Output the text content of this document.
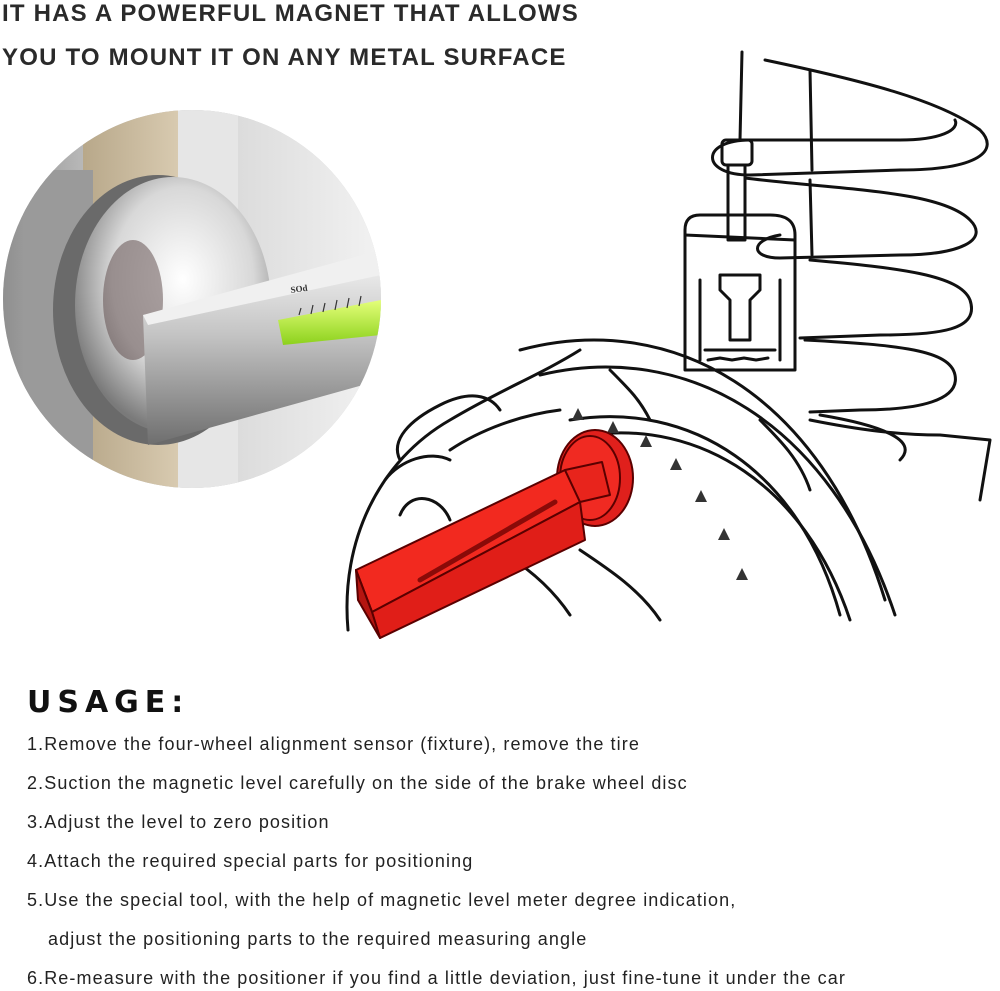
IT HAS A POWERFUL MAGNET THAT ALLOWS
YOU TO MOUNT IT ON ANY METAL SURFACE
SOd
USAGE:
1.Remove the four-wheel alignment sensor (fixture), remove the tire
2.Suction the magnetic level carefully on the side of the brake wheel disc
3.Adjust the level to zero position
4.Attach the required special parts for positioning
5.Use the special tool, with the help of magnetic level meter degree indication,
adjust the positioning parts to the required measuring angle
6.Re-measure with the positioner if you find a little deviation, just fine-tune it under the car
